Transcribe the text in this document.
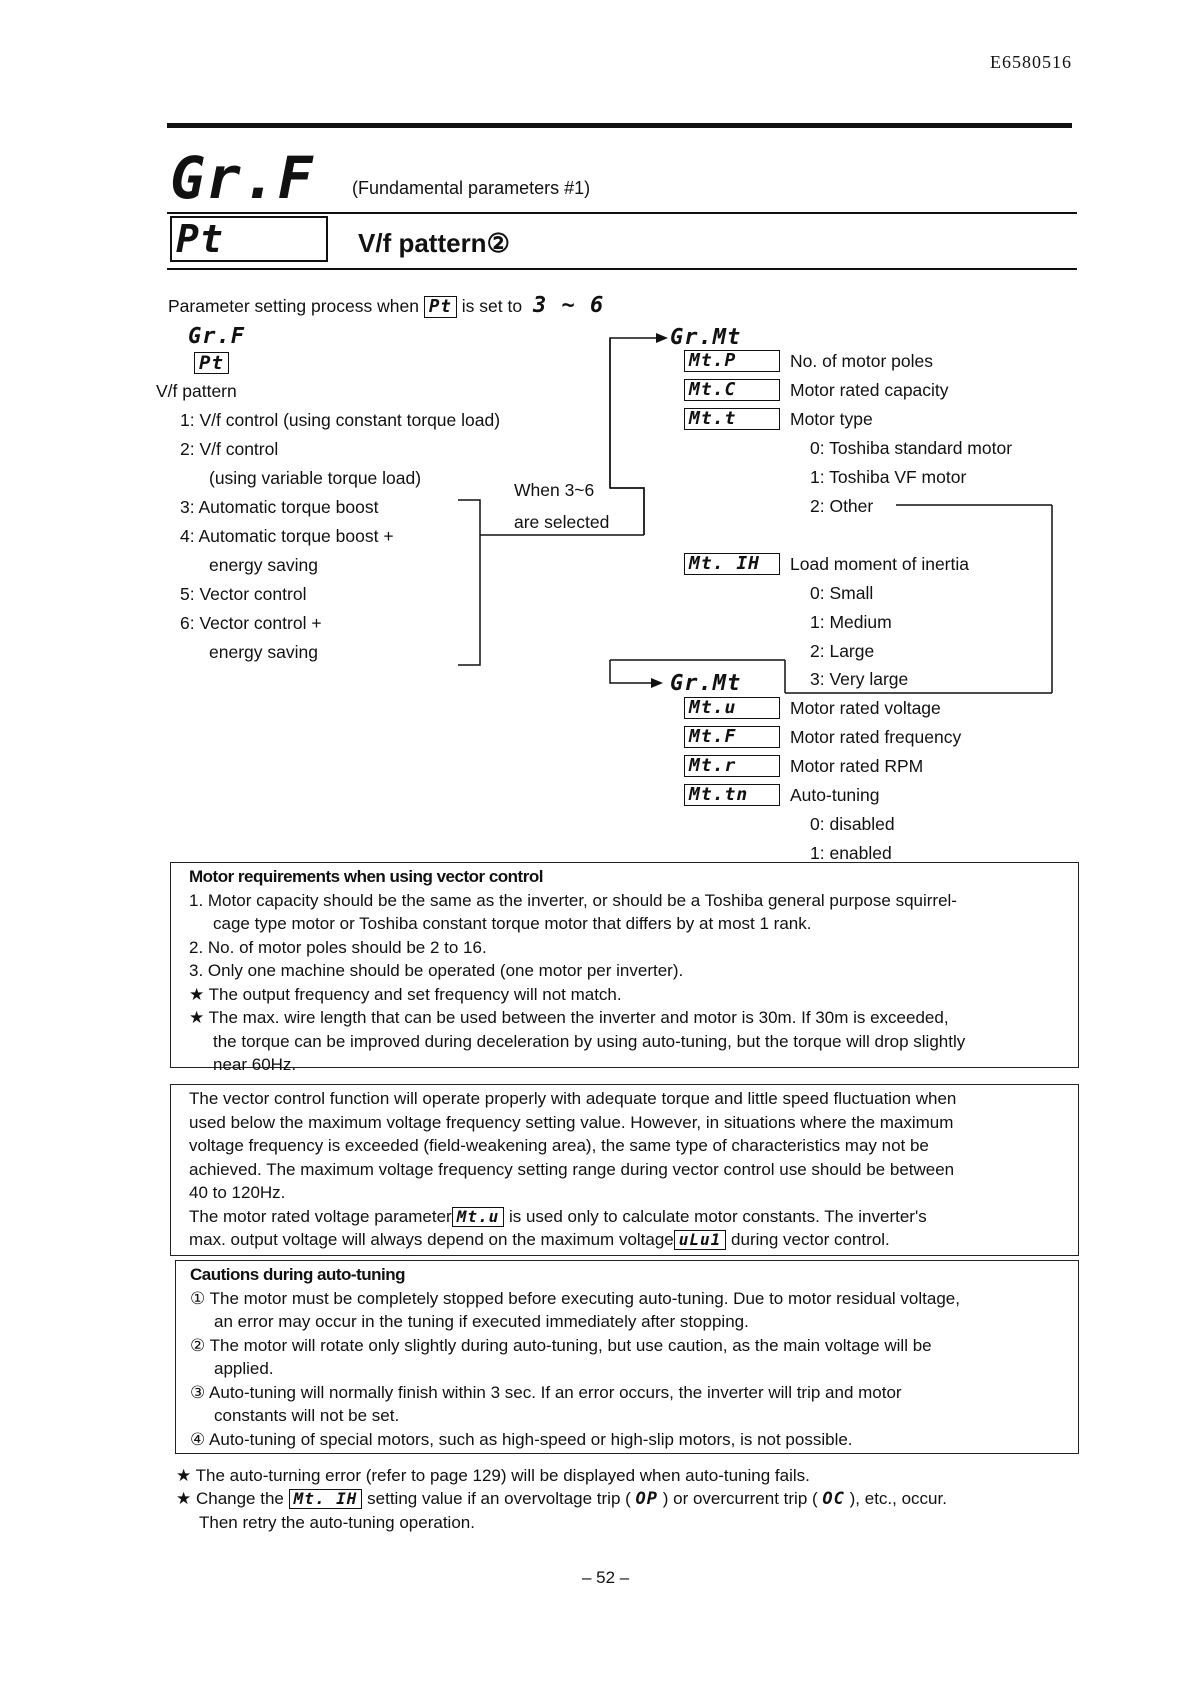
E6580516
Gr.F (Fundamental parameters #1)
Pt	V/f pattern②
Parameter setting process when Pt is set to 3 ~ 6
Gr.F
Pt
V/f pattern
1: V/f control (using constant torque load)
2: V/f control
(using variable torque load)
3: Automatic torque boost
4: Automatic torque boost +
energy saving
5: Vector control
6: Vector control +
energy saving
When 3~6
are selected
Gr.Mt
Mt.P	No. of motor poles
Mt.C	Motor rated capacity
Mt.t	Motor type
0: Toshiba standard motor
1: Toshiba VF motor
2: Other
Mt. IH	Load moment of inertia
0: Small
1: Medium
2: Large
3: Very large
Gr.Mt
Mt.u	Motor rated voltage
Mt.F	Motor rated frequency
Mt.r	Motor rated RPM
Mt.tn	Auto-tuning
0: disabled
1: enabled

Motor requirements when using vector control

1. Motor capacity should be the same as the inverter, or should be a Toshiba general purpose squirrel-

cage type motor or Toshiba constant torque motor that differs by at most 1 rank.

2. No. of motor poles should be 2 to 16.

3. Only one machine should be operated (one motor per inverter).

★ The output frequency and set frequency will not match.

★ The max. wire length that can be used between the inverter and motor is 30m. If 30m is exceeded,

the torque can be improved during deceleration by using auto-tuning, but the torque will drop slightly

near 60Hz.

The vector control function will operate properly with adequate torque and little speed fluctuation when

used below the maximum voltage frequency setting value. However, in situations where the maximum

voltage frequency is exceeded (field-weakening area), the same type of characteristics may not be

achieved. The maximum voltage frequency setting range during vector control use should be between

40 to 120Hz.

The motor rated voltage parameter Mt.u is used only to calculate motor constants. The inverter's

max. output voltage will always depend on the maximum voltage uLu1 during vector control.

Cautions during auto-tuning

① The motor must be completely stopped before executing auto-tuning. Due to motor residual voltage,

an error may occur in the tuning if executed immediately after stopping.

② The motor will rotate only slightly during auto-tuning, but use caution, as the main voltage will be

applied.

③ Auto-tuning will normally finish within 3 sec. If an error occurs, the inverter will trip and motor

constants will not be set.

④ Auto-tuning of special motors, such as high-speed or high-slip motors, is not possible.

★ The auto-turning error (refer to page 129) will be displayed when auto-tuning fails.
★ Change the Mt. IH setting value if an overvoltage trip ( OP ) or overcurrent trip ( OC ), etc., occur.
Then retry the auto-tuning operation.
– 52 –
